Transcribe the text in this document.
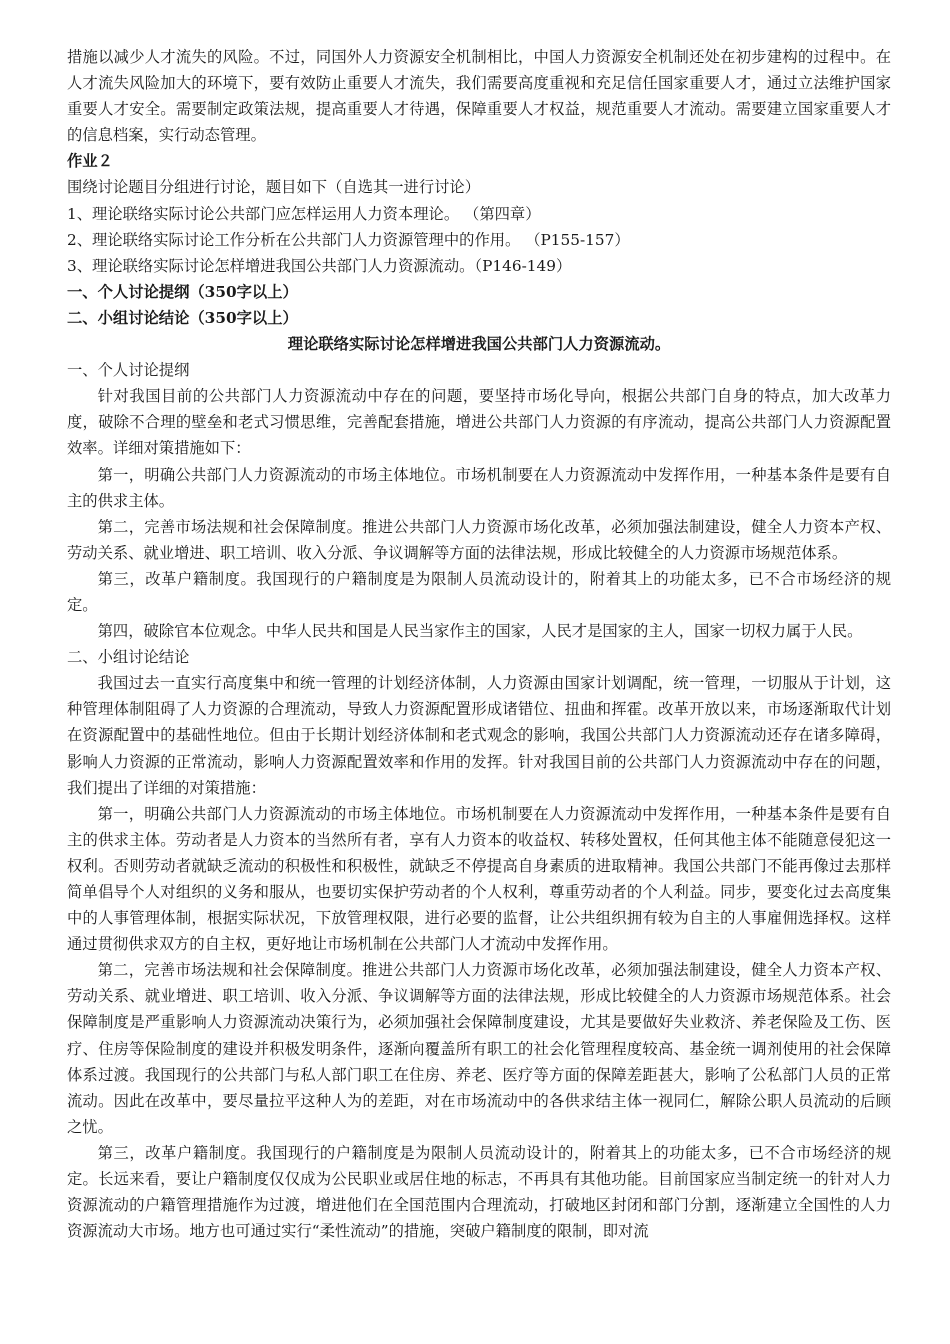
措施以减少人才流失的风险。不过，同国外人力资源安全机制相比，中国人力资源安全机制还处在初步建构的过程中。在人才流失风险加大的环境下，要有效防止重要人才流失，我们需要高度重视和充足信任国家重要人才，通过立法维护国家重要人才安全。需要制定政策法规，提高重要人才待遇，保障重要人才权益，规范重要人才流动。需要建立国家重要人才的信息档案，实行动态管理。

作业２

围绕讨论题目分组进行讨论，题目如下（自选其一进行讨论）

1、理论联络实际讨论公共部门应怎样运用人力资本理论。 （第四章）

2、理论联络实际讨论工作分析在公共部门人力资源管理中的作用。 （P155-157）

3、理论联络实际讨论怎样增进我国公共部门人力资源流动。（P146-149）

一、个人讨论提纲（350字以上）

二、小组讨论结论（350字以上）

理论联络实际讨论怎样增进我国公共部门人力资源流动。

一、个人讨论提纲

针对我国目前的公共部门人力资源流动中存在的问题，要坚持市场化导向，根据公共部门自身的特点，加大改革力度，破除不合理的壁垒和老式习惯思维，完善配套措施，增进公共部门人力资源的有序流动，提高公共部门人力资源配置效率。详细对策措施如下：

第一，明确公共部门人力资源流动的市场主体地位。市场机制要在人力资源流动中发挥作用，一种基本条件是要有自主的供求主体。

第二，完善市场法规和社会保障制度。推进公共部门人力资源市场化改革，必须加强法制建设，健全人力资本产权、劳动关系、就业增进、职工培训、收入分派、争议调解等方面的法律法规，形成比较健全的人力资源市场规范体系。

第三，改革户籍制度。我国现行的户籍制度是为限制人员流动设计的，附着其上的功能太多，已不合市场经济的规定。

第四，破除官本位观念。中华人民共和国是人民当家作主的国家，人民才是国家的主人，国家一切权力属于人民。

二、小组讨论结论

我国过去一直实行高度集中和统一管理的计划经济体制，人力资源由国家计划调配，统一管理，一切服从于计划，这种管理体制阻碍了人力资源的合理流动，导致人力资源配置形成诸错位、扭曲和挥霍。改革开放以来，市场逐渐取代计划在资源配置中的基础性地位。但由于长期计划经济体制和老式观念的影响，我国公共部门人力资源流动还存在诸多障碍，影响人力资源的正常流动，影响人力资源配置效率和作用的发挥。针对我国目前的公共部门人力资源流动中存在的问题，我们提出了详细的对策措施：

第一，明确公共部门人力资源流动的市场主体地位。市场机制要在人力资源流动中发挥作用，一种基本条件是要有自主的供求主体。劳动者是人力资本的当然所有者，享有人力资本的收益权、转移处置权，任何其他主体不能随意侵犯这一权利。否则劳动者就缺乏流动的积极性和积极性，就缺乏不停提高自身素质的进取精神。我国公共部门不能再像过去那样简单倡导个人对组织的义务和服从，也要切实保护劳动者的个人权利，尊重劳动者的个人利益。同步，要变化过去高度集中的人事管理体制，根据实际状况，下放管理权限，进行必要的监督，让公共组织拥有较为自主的人事雇佣选择权。这样通过贯彻供求双方的自主权，更好地让市场机制在公共部门人才流动中发挥作用。

第二，完善市场法规和社会保障制度。推进公共部门人力资源市场化改革，必须加强法制建设，健全人力资本产权、劳动关系、就业增进、职工培训、收入分派、争议调解等方面的法律法规，形成比较健全的人力资源市场规范体系。社会保障制度是严重影响人力资源流动决策行为，必须加强社会保障制度建设，尤其是要做好失业救济、养老保险及工伤、医疗、住房等保险制度的建设并积极发明条件，逐渐向覆盖所有职工的社会化管理程度较高、基金统一调剂使用的社会保障体系过渡。我国现行的公共部门与私人部门职工在住房、养老、医疗等方面的保障差距甚大，影响了公私部门人员的正常流动。因此在改革中，要尽量拉平这种人为的差距，对在市场流动中的各供求结主体一视同仁，解除公职人员流动的后顾之忧。

第三，改革户籍制度。我国现行的户籍制度是为限制人员流动设计的，附着其上的功能太多，已不合市场经济的规定。长远来看，要让户籍制度仅仅成为公民职业或居住地的标志，不再具有其他功能。目前国家应当制定统一的针对人力资源流动的户籍管理措施作为过渡，增进他们在全国范围内合理流动，打破地区封闭和部门分割，逐渐建立全国性的人力资源流动大市场。地方也可通过实行“柔性流动”的措施，突破户籍制度的限制，即对流
